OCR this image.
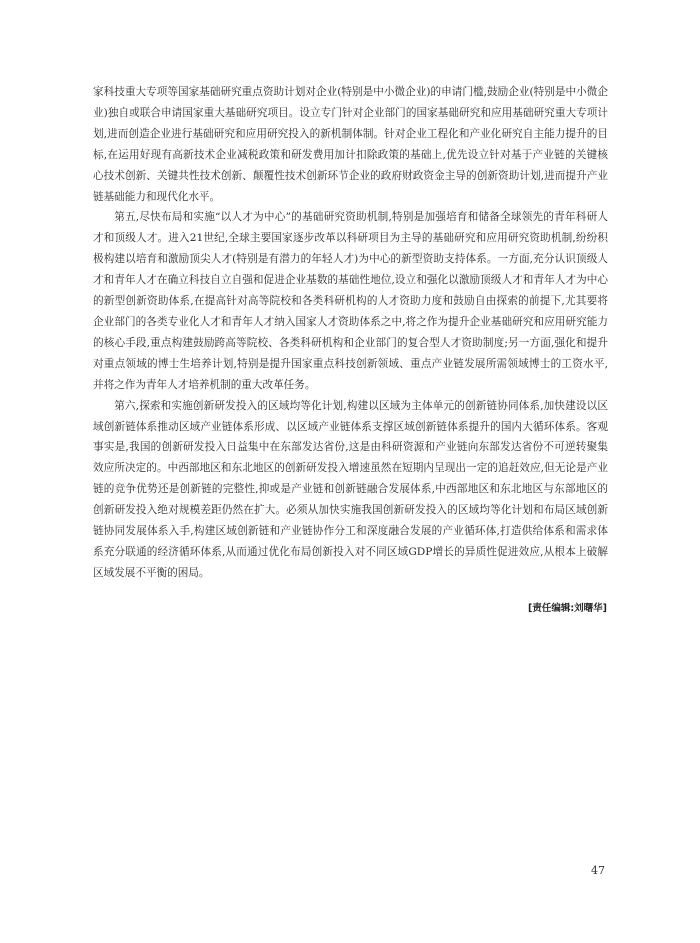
家科技重大专项等国家基础研究重点资助计划对企业(特别是中小微企业)的申请门槛,鼓励企业(特别是中小微企业)独自或联合申请国家重大基础研究项目。设立专门针对企业部门的国家基础研究和应用基础研究重大专项计划,进而创造企业进行基础研究和应用研究投入的新机制体制。针对企业工程化和产业化研究自主能力提升的目标,在运用好现有高新技术企业减税政策和研发费用加计扣除政策的基础上,优先设立针对基于产业链的关键核心技术创新、关键共性技术创新、颠覆性技术创新环节企业的政府财政资金主导的创新资助计划,进而提升产业链基础能力和现代化水平。

第五,尽快布局和实施“以人才为中心”的基础研究资助机制,特别是加强培育和储备全球领先的青年科研人才和顶级人才。进入21世纪,全球主要国家逐步改革以科研项目为主导的基础研究和应用研究资助机制,纷纷积极构建以培育和激励顶尖人才(特别是有潜力的年轻人才)为中心的新型资助支持体系。一方面,充分认识顶级人才和青年人才在确立科技自立自强和促进企业基数的基础性地位,设立和强化以激励顶级人才和青年人才为中心的新型创新资助体系,在提高针对高等院校和各类科研机构的人才资助力度和鼓励自由探索的前提下,尤其要将企业部门的各类专业化人才和青年人才纳入国家人才资助体系之中,将之作为提升企业基础研究和应用研究能力的核心手段,重点构建鼓励跨高等院校、各类科研机构和企业部门的复合型人才资助制度;另一方面,强化和提升对重点领域的博士生培养计划,特别是提升国家重点科技创新领域、重点产业链发展所需领域博士的工资水平,并将之作为青年人才培养机制的重大改革任务。

第六,探索和实施创新研发投入的区域均等化计划,构建以区域为主体单元的创新链协同体系,加快建设以区域创新链体系推动区域产业链体系形成、以区域产业链体系支撑区域创新链体系提升的国内大循环体系。客观事实是,我国的创新研发投入日益集中在东部发达省份,这是由科研资源和产业链向东部发达省份不可逆转聚集效应所决定的。中西部地区和东北地区的创新研发投入增速虽然在短期内呈现出一定的追赶效应,但无论是产业链的竞争优势还是创新链的完整性,抑或是产业链和创新链融合发展体系,中西部地区和东北地区与东部地区的创新研发投入绝对规模差距仍然在扩大。必须从加快实施我国创新研发投入的区域均等化计划和布局区域创新链协同发展体系入手,构建区域创新链和产业链协作分工和深度融合发展的产业循环体,打造供给体系和需求体系充分联通的经济循环体系,从而通过优化布局创新投入对不同区域GDP增长的异质性促进效应,从根本上破解区域发展不平衡的困局。

[责任编辑:刘曙华]
47
